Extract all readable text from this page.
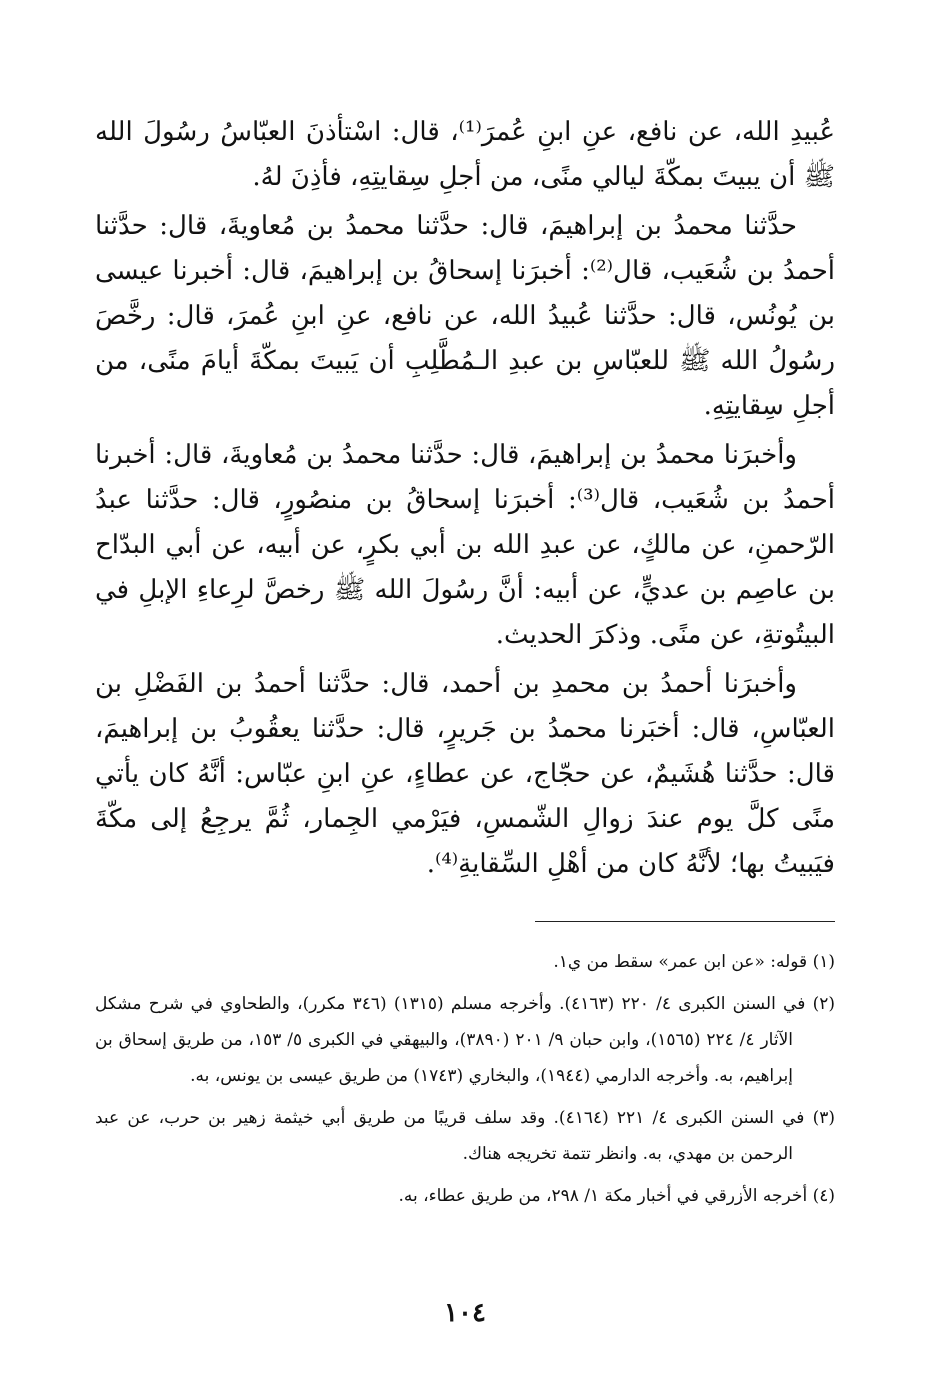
عُبيدِ الله، عن نافع، عنِ ابنِ عُمرَ⁽¹⁾، قال: اسْتأذنَ العبّاسُ رسُولَ الله ﷺ أن يبيتَ بمكّةَ ليالي منًى، من أجلِ سِقايتِهِ، فأذِنَ لهُ.

حدَّثنا محمدُ بن إبراهيمَ، قال: حدَّثنا محمدُ بن مُعاويةَ، قال: حدَّثنا أحمدُ بن شُعَيب، قال⁽²⁾: أخبرَنا إسحاقُ بن إبراهيمَ، قال: أخبرنا عيسى بن يُونُس، قال: حدَّثنا عُبيدُ الله، عن نافع، عنِ ابنِ عُمرَ، قال: رخَّصَ رسُولُ الله ﷺ للعبّاسِ بن عبدِ الـمُطَّلِبِ أن يَبيتَ بمكّةَ أيامَ منًى، من أجلِ سِقايتِهِ.

وأخبرَنا محمدُ بن إبراهيمَ، قال: حدَّثنا محمدُ بن مُعاويةَ، قال: أخبرنا أحمدُ بن شُعَيب، قال⁽³⁾: أخبرَنا إسحاقُ بن منصُورٍ، قال: حدَّثنا عبدُ الرّحمنِ، عن مالكٍ، عن عبدِ الله بن أبي بكرٍ، عن أبيه، عن أبي البدّاح بن عاصِم بن عديٍّ، عن أبيه: أنَّ رسُولَ الله ﷺ رخصَّ لرِعاءِ الإبلِ في البيتُوتةِ، عن منًى. وذكرَ الحديث.

وأخبرَنا أحمدُ بن محمدِ بن أحمد، قال: حدَّثنا أحمدُ بن الفَضْلِ بن العبّاسِ، قال: أخبَرنا محمدُ بن جَريرٍ، قال: حدَّثنا يعقُوبُ بن إبراهيمَ، قال: حدَّثنا هُشَيمٌ، عن حجّاج، عن عطاءٍ، عنِ ابنِ عبّاس: أنَّهُ كان يأتي منًى كلَّ يوم عندَ زوالِ الشّمسِ، فيَرْمي الجِمار، ثُمَّ يرجِعُ إلى مكّةَ فيَبيتُ بها؛ لأنَّهُ كان من أهْلِ السِّقايةِ⁽⁴⁾.

(١) قوله: «عن ابن عمر» سقط من ي١.

(٢) في السنن الكبرى ٤/ ٢٢٠ (٤١٦٣). وأخرجه مسلم (١٣١٥) (٣٤٦ مكرر)، والطحاوي في شرح مشكل الآثار ٤/ ٢٢٤ (١٥٦٥)، وابن حبان ٩/ ٢٠١ (٣٨٩٠)، والبيهقي في الكبرى ٥/ ١٥٣، من طريق إسحاق بن إبراهيم، به. وأخرجه الدارمي (١٩٤٤)، والبخاري (١٧٤٣) من طريق عيسى بن يونس، به.

(٣) في السنن الكبرى ٤/ ٢٢١ (٤١٦٤). وقد سلف قريبًا من طريق أبي خيثمة زهير بن حرب، عن عبد الرحمن بن مهدي، به. وانظر تتمة تخريجه هناك.

(٤) أخرجه الأزرقي في أخبار مكة ١/ ٢٩٨، من طريق عطاء، به.

١٠٤
